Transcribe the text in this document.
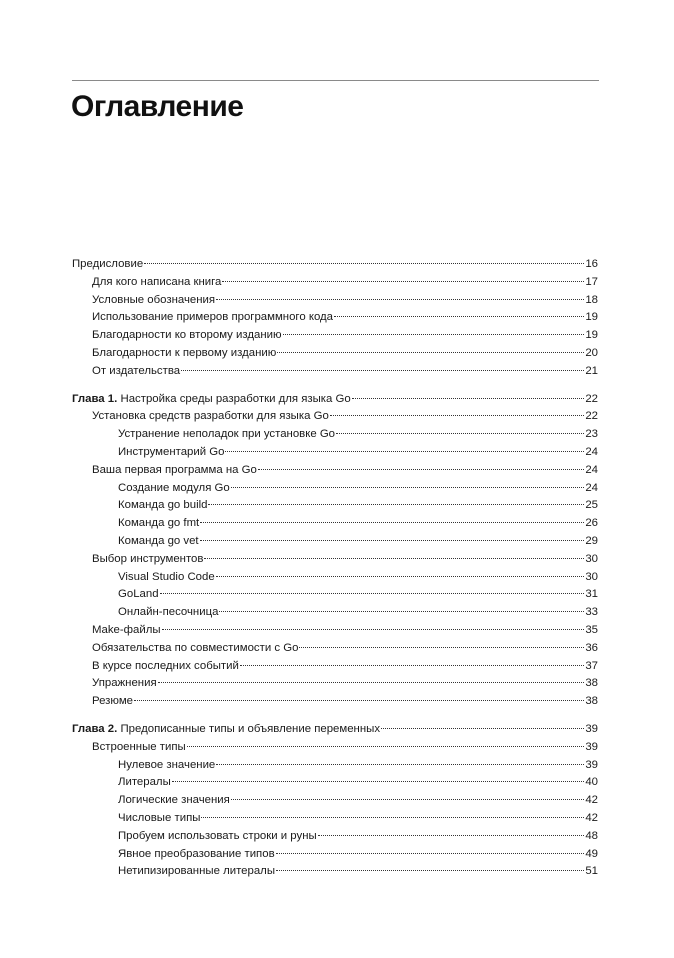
Оглавление
Предисловие	16
Для кого написана книга	17
Условные обозначения	18
Использование примеров программного кода	19
Благодарности ко второму изданию	19
Благодарности к первому изданию	20
От издательства	21
Глава 1. Настройка среды разработки для языка Go	22
Установка средств разработки для языка Go	22
Устранение неполадок при установке Go	23
Инструментарий Go	24
Ваша первая программа на Go	24
Создание модуля Go	24
Команда go build	25
Команда go fmt	26
Команда go vet	29
Выбор инструментов	30
Visual Studio Code	30
GoLand	31
Онлайн-песочница	33
Make-файлы	35
Обязательства по совместимости с Go	36
В курсе последних событий	37
Упражнения	38
Резюме	38
Глава 2. Предописанные типы и объявление переменных	39
Встроенные типы	39
Нулевое значение	39
Литералы	40
Логические значения	42
Числовые типы	42
Пробуем использовать строки и руны	48
Явное преобразование типов	49
Нетипизированные литералы	51
